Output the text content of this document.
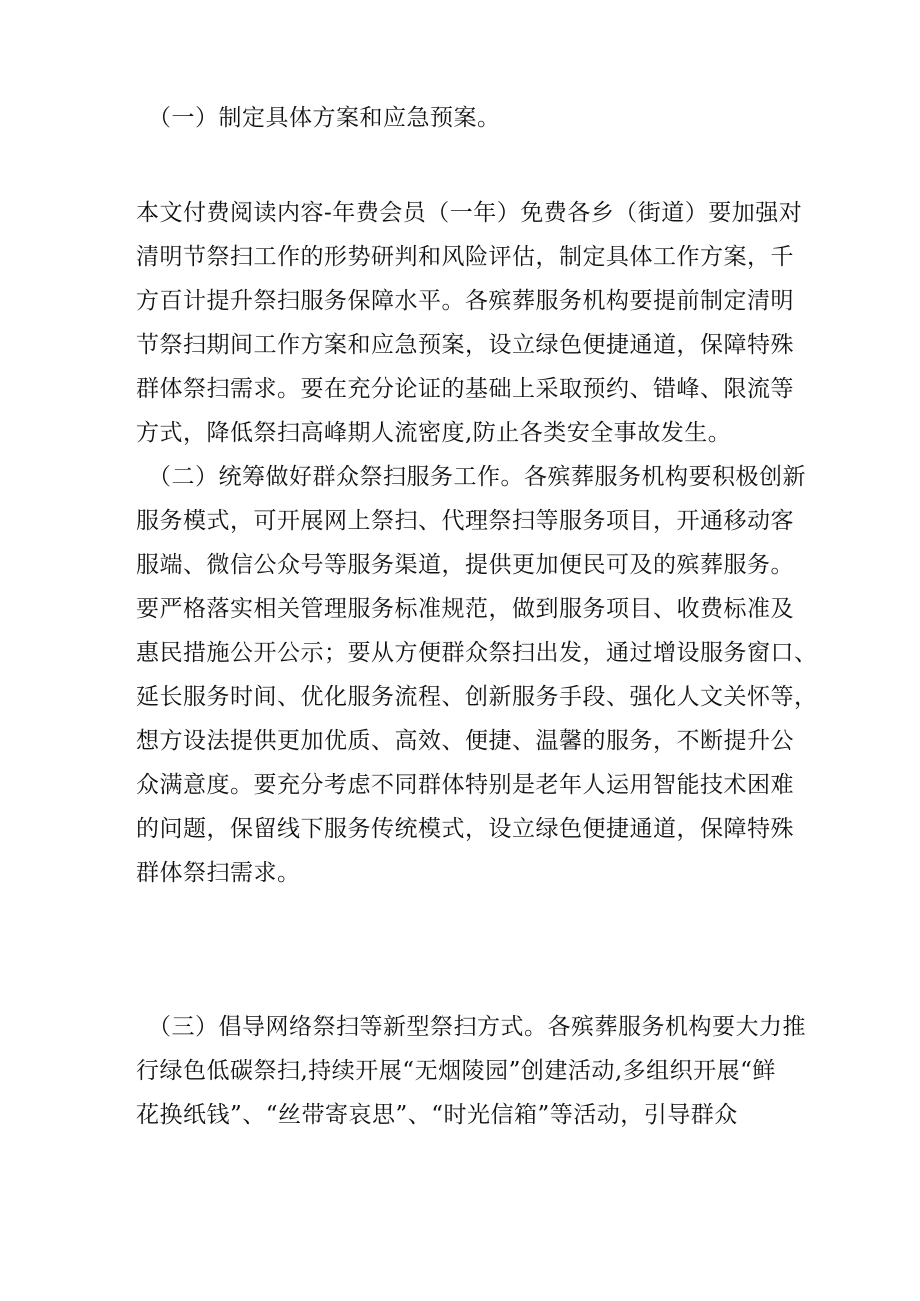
（一）制定具体方案和应急预案。
本文付费阅读内容-年费会员（一年）免费各乡（街道）要加强对
清明节祭扫工作的形势研判和风险评估，制定具体工作方案，千
方百计提升祭扫服务保障水平。各殡葬服务机构要提前制定清明
节祭扫期间工作方案和应急预案，设立绿色便捷通道，保障特殊
群体祭扫需求。要在充分论证的基础上采取预约、错峰、限流等
方式，降低祭扫高峰期人流密度,防止各类安全事故发生。
（二）统筹做好群众祭扫服务工作。各殡葬服务机构要积极创新
服务模式，可开展网上祭扫、代理祭扫等服务项目，开通移动客
服端、微信公众号等服务渠道，提供更加便民可及的殡葬服务。
要严格落实相关管理服务标准规范，做到服务项目、收费标准及
惠民措施公开公示；要从方便群众祭扫出发，通过增设服务窗口、
延长服务时间、优化服务流程、创新服务手段、强化人文关怀等，
想方设法提供更加优质、高效、便捷、温馨的服务，不断提升公
众满意度。要充分考虑不同群体特别是老年人运用智能技术困难
的问题，保留线下服务传统模式，设立绿色便捷通道，保障特殊
群体祭扫需求。
（三）倡导网络祭扫等新型祭扫方式。各殡葬服务机构要大力推
行绿色低碳祭扫,持续开展“无烟陵园”创建活动,多组织开展“鲜
花换纸钱”、“丝带寄哀思”、“时光信箱”等活动，引导群众
